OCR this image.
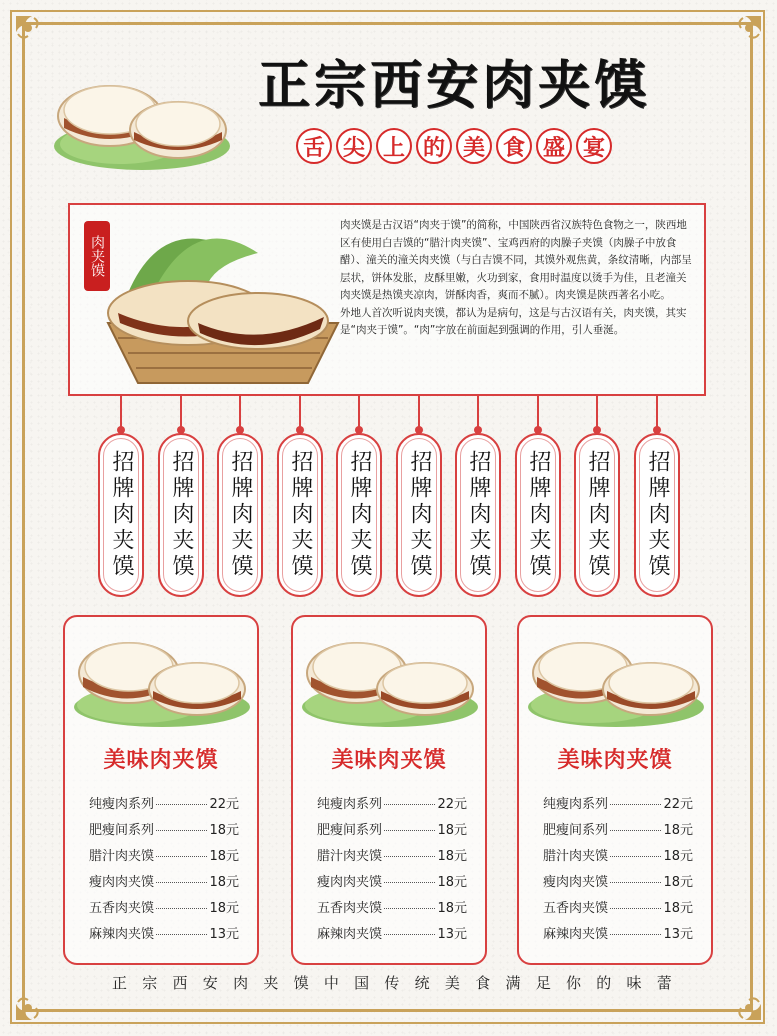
正宗西安肉夹馍
舌 尖 上 的 美 食 盛 宴
肉夹馍

肉夹馍是古汉语“肉夹于馍”的简称，中国陕西省汉族特色食物之一，陕西地区有使用白吉馍的“腊汁肉夹馍”、宝鸡西府的肉臊子夹馍（肉臊子中放食醋）、潼关的潼关肉夹馍（与白吉馍不同，其馍外观焦黄，条纹清晰，内部呈层状，饼体发胀，皮酥里嫩，火功到家，食用时温度以烫手为佳，且老潼关肉夹馍是热馍夹凉肉，饼酥肉香，爽而不腻）。肉夹馍是陕西著名小吃。

外地人首次听说肉夹馍，都认为是病句，这是与古汉语有关，肉夹馍，其实是“肉夹于馍”。“肉”字放在前面起到强调的作用，引人垂涎。

招牌肉夹馍 招牌肉夹馍 招牌肉夹馍 招牌肉夹馍 招牌肉夹馍 招牌肉夹馍 招牌肉夹馍 招牌肉夹馍 招牌肉夹馍 招牌肉夹馍
美味肉夹馍
纯瘦肉系列	22元
肥瘦间系列	18元
腊汁肉夹馍	18元
瘦肉肉夹馍	18元
五香肉夹馍	18元
麻辣肉夹馍	13元
美味肉夹馍
纯瘦肉系列	22元
肥瘦间系列	18元
腊汁肉夹馍	18元
瘦肉肉夹馍	18元
五香肉夹馍	18元
麻辣肉夹馍	13元
美味肉夹馍
纯瘦肉系列	22元
肥瘦间系列	18元
腊汁肉夹馍	18元
瘦肉肉夹馍	18元
五香肉夹馍	18元
麻辣肉夹馍	13元
正 宗 西 安 肉 夹 馍 中 国 传 统 美 食 满 足 你 的 味 蕾
